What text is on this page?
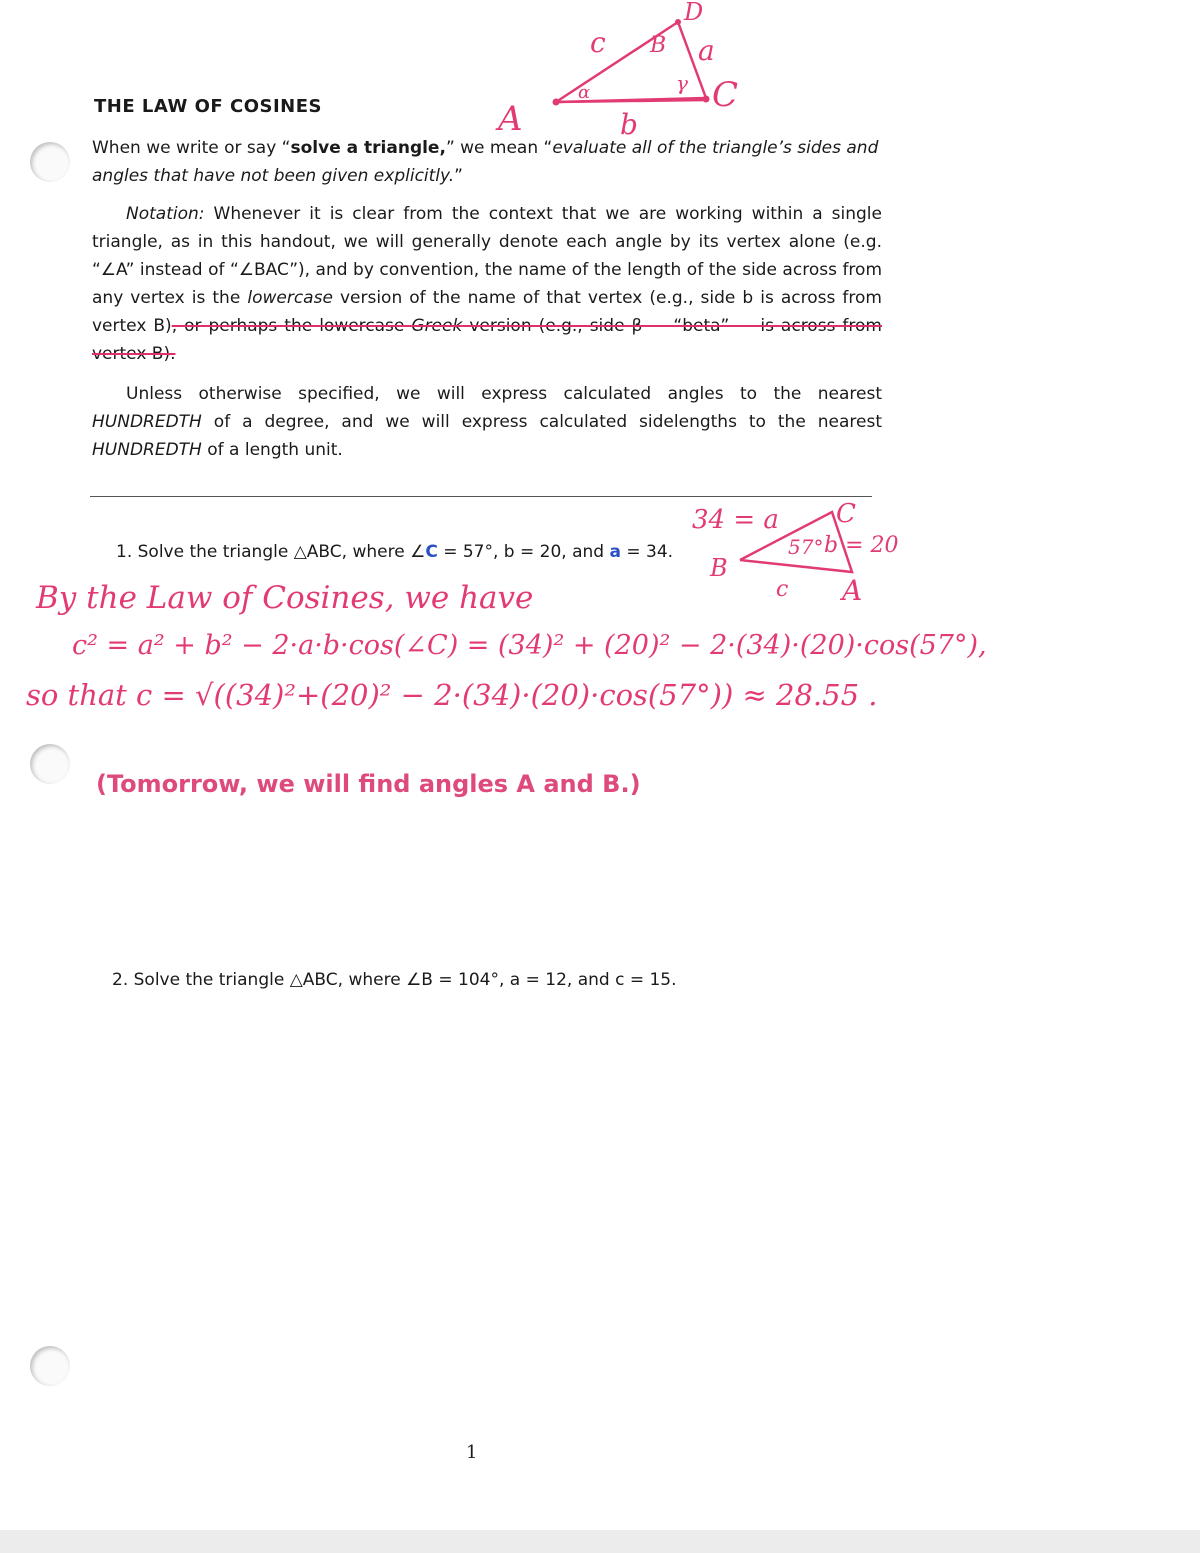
THE LAW OF COSINES	A
C
D
c	a
b
B
α	γ
When we write or say “solve a triangle,” we mean “evaluate all of the triangle’s sides and angles that have not been given explicitly.”
Notation: Whenever it is clear from the context that we are working within a single triangle, as in this handout, we will generally denote each angle by its vertex alone (e.g. “∠A” instead of “∠BAC”), and by convention, the name of the length of the side across from any vertex is the lowercase version of the name of that vertex (e.g., side b is across from vertex B), or perhaps the lowercase Greek version (e.g., side β — “beta” — is across from vertex B).
Unless otherwise specified, we will express calculated angles to the nearest HUNDREDTH of a degree, and we will express calculated sidelengths to the nearest HUNDREDTH of a length unit.
1. Solve the triangle △ABC, where ∠C = 57°, b = 20, and a = 34.
34 = a C
57° b = 20
B
c A
By the Law of Cosines, we have
c² = a² + b² − 2·a·b·cos(∠C) = (34)² + (20)² − 2·(34)·(20)·cos(57°),
so that c = √((34)²+(20)² − 2·(34)·(20)·cos(57°)) ≈ 28.55 .
(Tomorrow, we will find angles A and B.)
2. Solve the triangle △ABC, where ∠B = 104°, a = 12, and c = 15.
1
